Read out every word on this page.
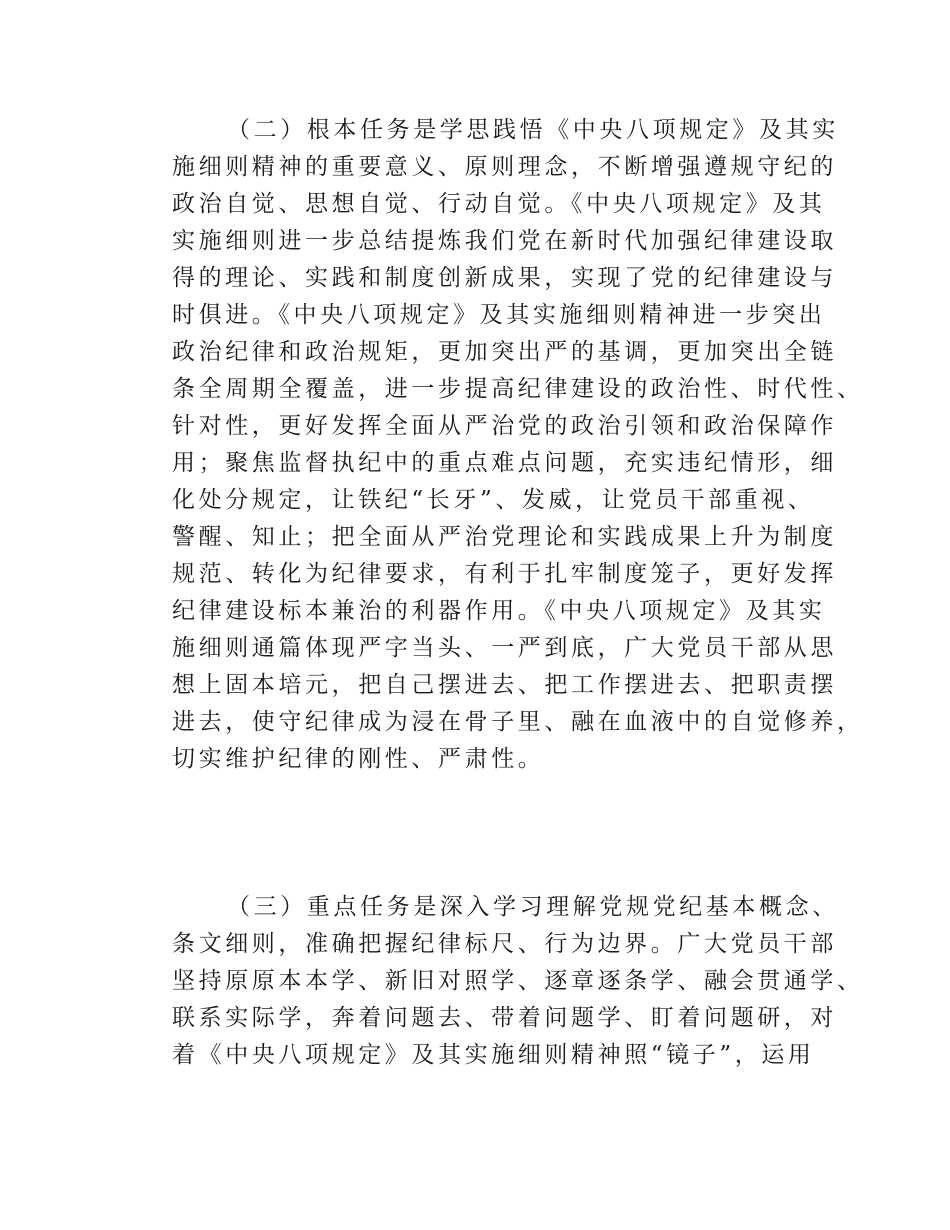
（二）根本任务是学思践悟《中央八项规定》及其实
施细则精神的重要意义、原则理念，不断增强遵规守纪的
政治自觉、思想自觉、行动自觉。《中央八项规定》及其
实施细则进一步总结提炼我们党在新时代加强纪律建设取
得的理论、实践和制度创新成果，实现了党的纪律建设与
时俱进。《中央八项规定》及其实施细则精神进一步突出
政治纪律和政治规矩，更加突出严的基调，更加突出全链
条全周期全覆盖，进一步提高纪律建设的政治性、时代性、
针对性，更好发挥全面从严治党的政治引领和政治保障作
用；聚焦监督执纪中的重点难点问题，充实违纪情形，细
化处分规定，让铁纪“长牙”、发威，让党员干部重视、
警醒、知止；把全面从严治党理论和实践成果上升为制度
规范、转化为纪律要求，有利于扎牢制度笼子，更好发挥
纪律建设标本兼治的利器作用。《中央八项规定》及其实
施细则通篇体现严字当头、一严到底，广大党员干部从思
想上固本培元，把自己摆进去、把工作摆进去、把职责摆
进去，使守纪律成为浸在骨子里、融在血液中的自觉修养，
切实维护纪律的刚性、严肃性。
（三）重点任务是深入学习理解党规党纪基本概念、
条文细则，准确把握纪律标尺、行为边界。广大党员干部
坚持原原本本学、新旧对照学、逐章逐条学、融会贯通学、
联系实际学，奔着问题去、带着问题学、盯着问题研，对
着《中央八项规定》及其实施细则精神照“镜子”，运用
